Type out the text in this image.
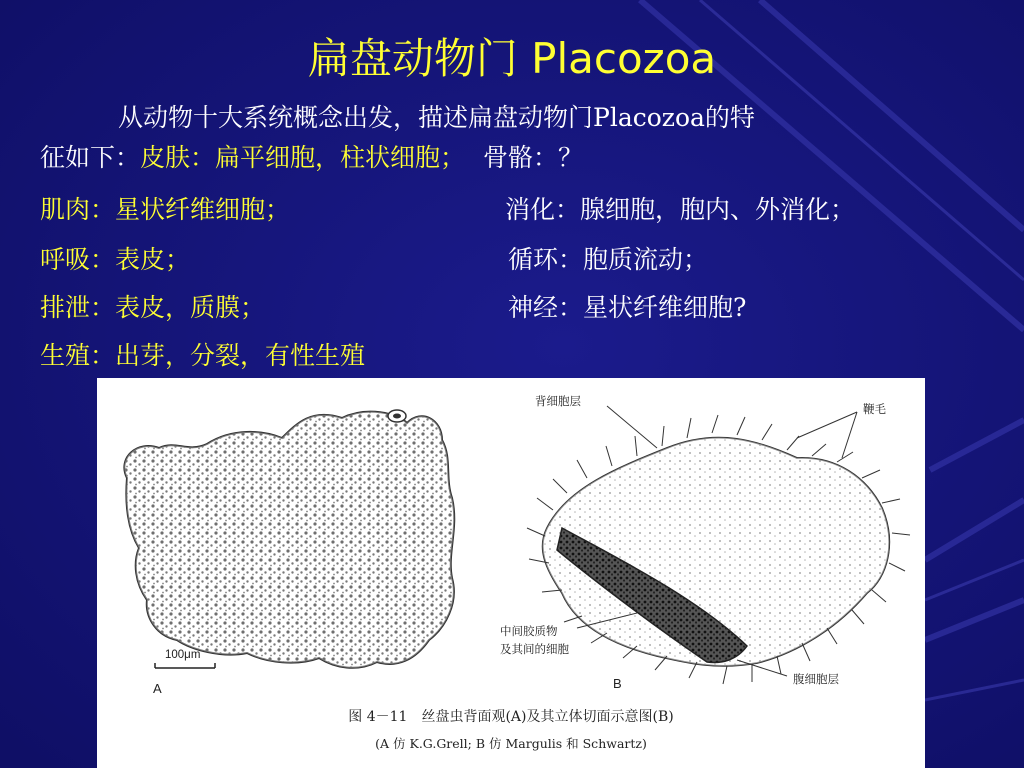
扁盘动物门 Placozoa
从动物十大系统概念出发，描述扁盘动物门Placozoa的特
征如下：皮肤：扁平细胞，柱状细胞； 骨骼：？
肌肉：星状纤维细胞；	消化：腺细胞，胞内、外消化；
呼吸：表皮；	循环：胞质流动；
排泄：表皮，质膜；	神经：星状纤维细胞?
生殖：出芽，分裂，有性生殖
背细胞层
鞭毛
中间胶质物
及其间的细胞
腹细胞层
100μm
A	B
图 4－11　丝盘虫背面观(A)及其立体切面示意图(B)
(A 仿 K.G.Grell; B 仿 Margulis 和 Schwartz)
